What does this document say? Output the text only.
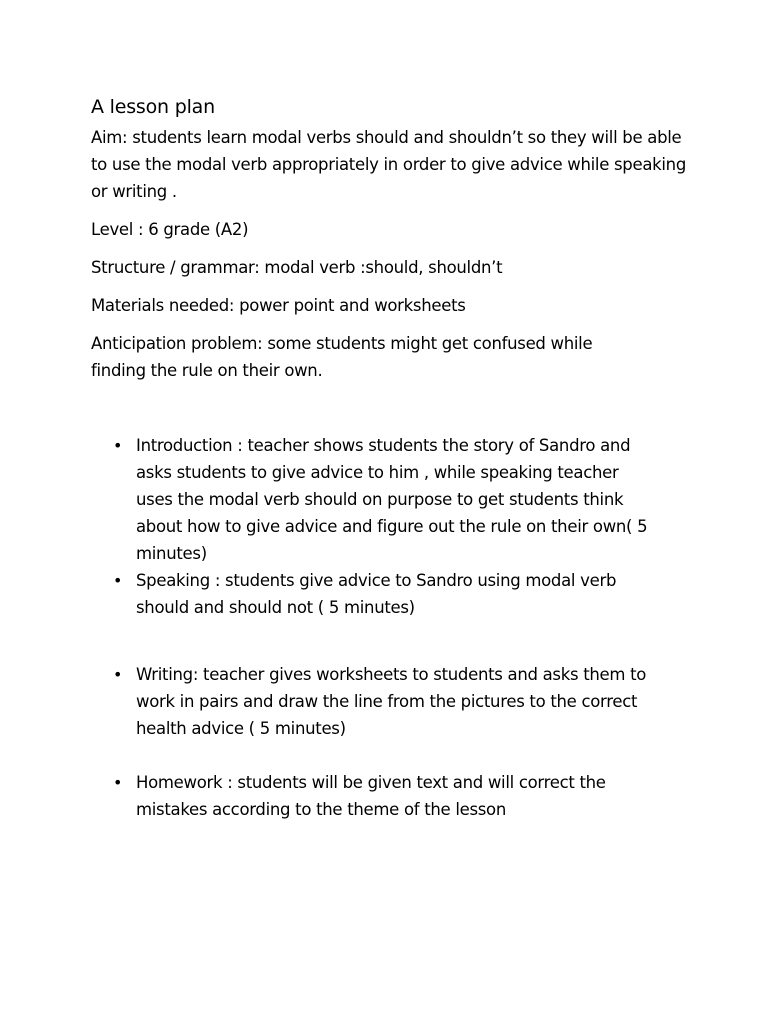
A lesson plan

Aim: students learn modal verbs should and shouldn’t so they will be able to use the modal verb appropriately in order to give advice while speaking or writing .

Level : 6 grade (A2)

Structure / grammar: modal verb :should, shouldn’t

Materials needed: power point and worksheets

Anticipation problem: some students might get confused while finding the rule on their own.

• Introduction : teacher shows students the story of Sandro and asks students to give advice to him , while speaking teacher uses the modal verb should on purpose to get students think about how to give advice and figure out the rule on their own( 5 minutes)
• Speaking : students give advice to Sandro using modal verb should and should not ( 5 minutes)
• Writing: teacher gives worksheets to students and asks them to work in pairs and draw the line from the pictures to the correct health advice ( 5 minutes)
• Homework : students will be given text and will correct the mistakes according to the theme of the lesson
